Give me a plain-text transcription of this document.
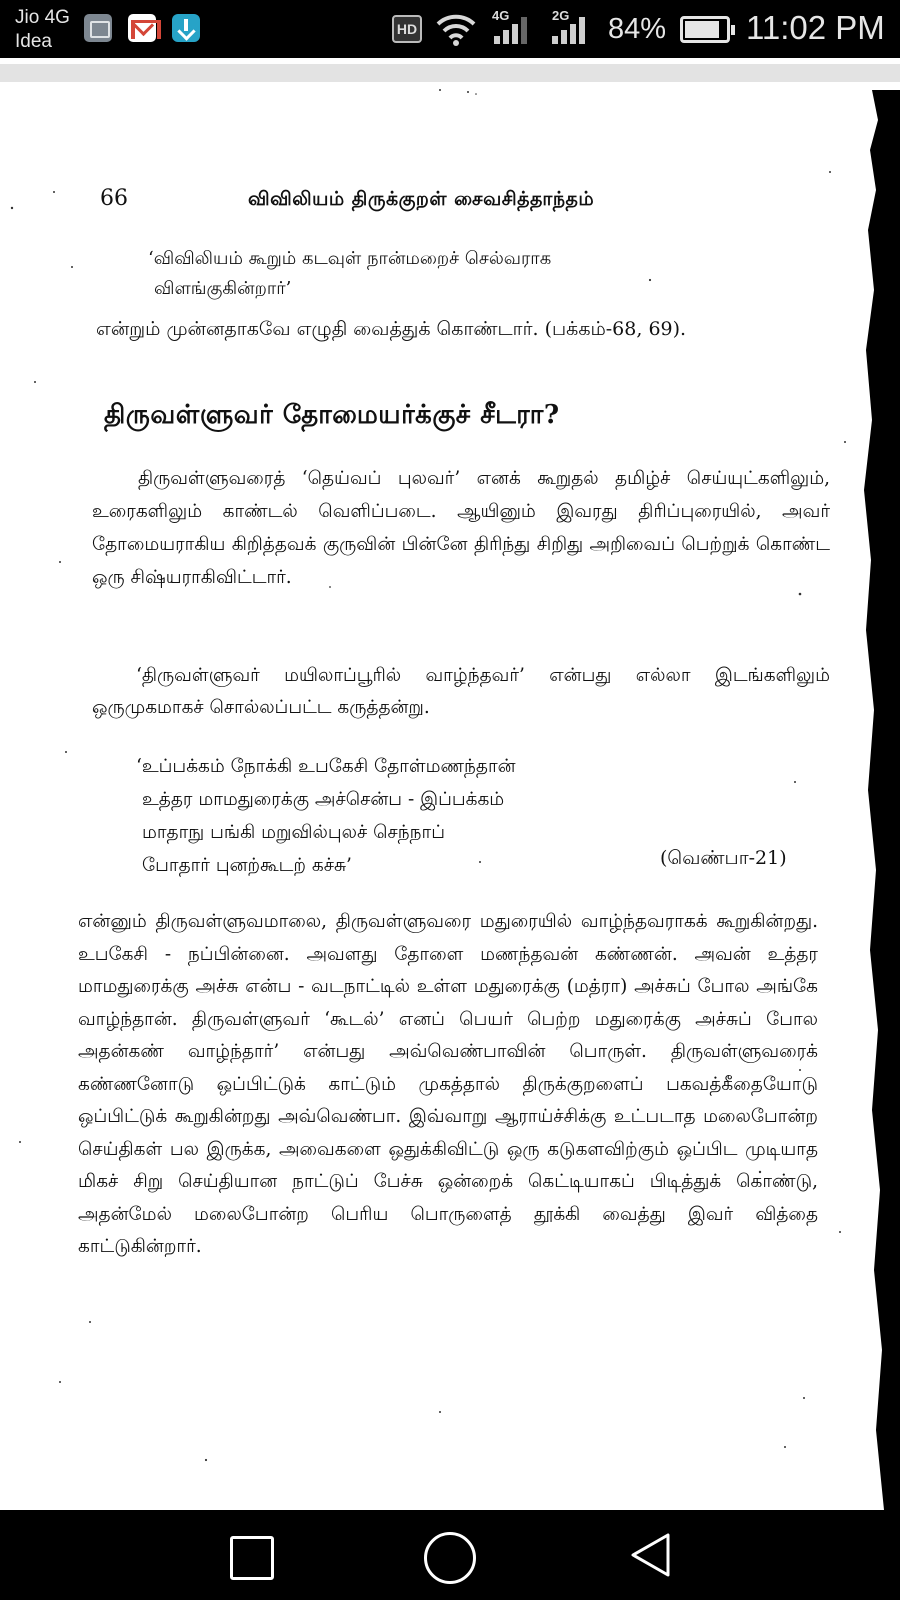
Jio 4G
Idea
HD
4G	2G 84% 11:02 PM
66	விவிலியம் திருக்குறள் சைவசித்தாந்தம்
‘விவிலியம் கூறும் கடவுள் நான்மறைச் செல்வராக
விளங்குகின்றார்’
என்றும் முன்னதாகவே எழுதி வைத்துக் கொண்டார். (பக்கம்-68, 69).
திருவள்ளுவர் தோமையர்க்குச் சீடரா?
திருவள்ளுவரைத் ‘தெய்வப் புலவர்’ எனக் கூறுதல் தமிழ்ச் செய்யுட்களிலும், உரைகளிலும் காண்டல் வெளிப்படை. ஆயினும் இவரது திரிப்புரையில், அவர் தோமையராகிய கிறித்தவக் குருவின் பின்னே திரிந்து சிறிது அறிவைப் பெற்றுக் கொண்ட ஒரு சிஷ்யராகிவிட்டார்.
‘திருவள்ளுவர் மயிலாப்பூரில் வாழ்ந்தவர்’ என்பது எல்லா இடங்களிலும் ஒருமுகமாகச் சொல்லப்பட்ட கருத்தன்று.
‘உப்பக்கம் நோக்கி உபகேசி தோள்மணந்தான்
உத்தர மாமதுரைக்கு அச்சென்ப - இப்பக்கம்
மாதாநு பங்கி மறுவில்புலச் செந்நாப்
போதார் புனற்கூடற் கச்சு’	(வெண்பா-21)
என்னும் திருவள்ளுவமாலை, திருவள்ளுவரை மதுரையில் வாழ்ந்தவராகக் கூறுகின்றது. உபகேசி - நப்பின்னை. அவளது தோளை மணந்தவன் கண்ணன். அவன் உத்தர மாமதுரைக்கு அச்சு என்ப - வடநாட்டில் உள்ள மதுரைக்கு (மத்ரா) அச்சுப் போல அங்கே வாழ்ந்தான். திருவள்ளுவர் ‘கூடல்’ எனப் பெயர் பெற்ற மதுரைக்கு அச்சுப் போல அதன்கண் வாழ்ந்தார்’ என்பது அவ்வெண்பாவின் பொருள். திருவள்ளுவரைக் கண்ணனோடு ஒப்பிட்டுக் காட்டும் முகத்தால் திருக்குறளைப் பகவத்கீதையோடு ஒப்பிட்டுக் கூறுகின்றது அவ்வெண்பா. இவ்வாறு ஆராய்ச்சிக்கு உட்படாத மலைபோன்ற செய்திகள் பல இருக்க, அவைகளை ஒதுக்கிவிட்டு ஒரு கடுகளவிற்கும் ஒப்பிட முடியாத மிகச் சிறு செய்தியான நாட்டுப் பேச்சு ஒன்றைக் கெட்டியாகப் பிடித்துக் கொண்டு, அதன்மேல் மலைபோன்ற பெரிய பொருளைத் தூக்கி வைத்து இவர் வித்தை காட்டுகின்றார்.
